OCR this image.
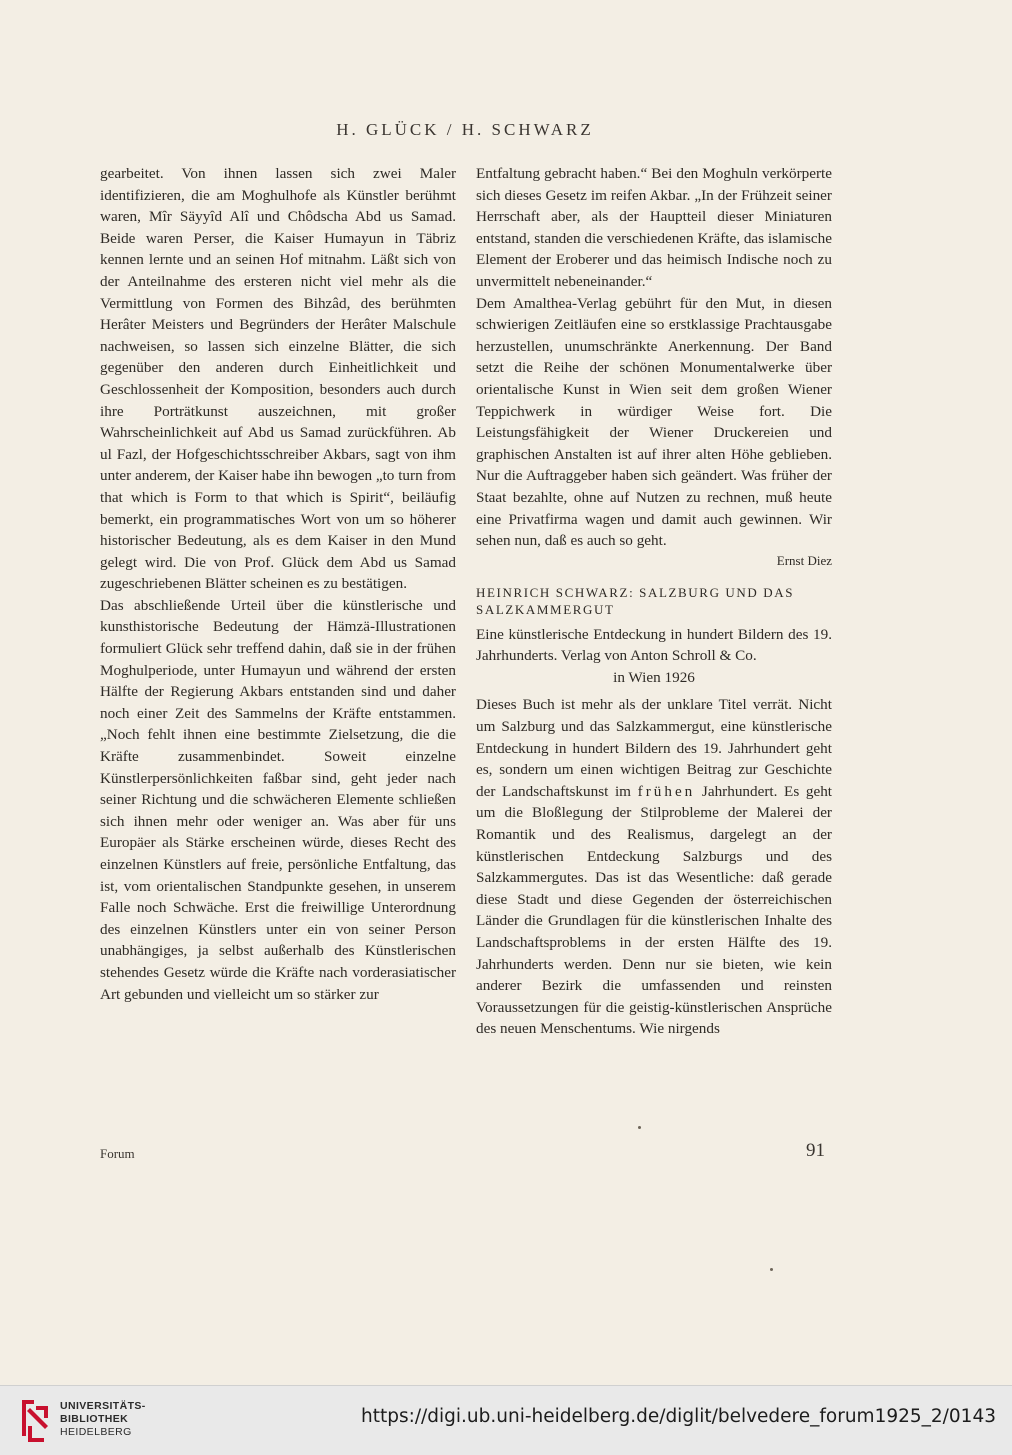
H. GLÜCK / H. SCHWARZ

gearbeitet. Von ihnen lassen sich zwei Maler identifizieren, die am Moghulhofe als Künstler berühmt waren, Mîr Säyyîd Alî und Chôdscha Abd us Samad. Beide waren Perser, die Kaiser Humayun in Täbriz kennen lernte und an seinen Hof mitnahm. Läßt sich von der Anteilnahme des ersteren nicht viel mehr als die Vermittlung von Formen des Bihzâd, des berühmten Herâter Meisters und Begründers der Herâter Malschule nachweisen, so lassen sich einzelne Blätter, die sich gegenüber den anderen durch Einheitlichkeit und Geschlossenheit der Komposition, besonders auch durch ihre Porträtkunst auszeichnen, mit großer Wahrscheinlichkeit auf Abd us Samad zurückführen. Ab ul Fazl, der Hofgeschichtsschreiber Akbars, sagt von ihm unter anderem, der Kaiser habe ihn bewogen „to turn from that which is Form to that which is Spirit“, beiläufig bemerkt, ein programmatisches Wort von um so höherer historischer Bedeutung, als es dem Kaiser in den Mund gelegt wird. Die von Prof. Glück dem Abd us Samad zugeschriebenen Blätter scheinen es zu bestätigen.

Das abschließende Urteil über die künstlerische und kunsthistorische Bedeutung der Hämzä-Illustrationen formuliert Glück sehr treffend dahin, daß sie in der frühen Moghulperiode, unter Humayun und während der ersten Hälfte der Regierung Akbars entstanden sind und daher noch einer Zeit des Sammelns der Kräfte entstammen. „Noch fehlt ihnen eine bestimmte Zielsetzung, die die Kräfte zusammenbindet. Soweit einzelne Künstlerpersönlichkeiten faßbar sind, geht jeder nach seiner Richtung und die schwächeren Elemente schließen sich ihnen mehr oder weniger an. Was aber für uns Europäer als Stärke erscheinen würde, dieses Recht des einzelnen Künstlers auf freie, persönliche Entfaltung, das ist, vom orientalischen Standpunkte gesehen, in unserem Falle noch Schwäche. Erst die freiwillige Unterordnung des einzelnen Künstlers unter ein von seiner Person unabhängiges, ja selbst außerhalb des Künstlerischen stehendes Gesetz würde die Kräfte nach vorderasiatischer Art gebunden und vielleicht um so stärker zur

Entfaltung gebracht haben.“ Bei den Moghuln verkörperte sich dieses Gesetz im reifen Akbar. „In der Frühzeit seiner Herrschaft aber, als der Hauptteil dieser Miniaturen entstand, standen die verschiedenen Kräfte, das islamische Element der Eroberer und das heimisch Indische noch zu unvermittelt nebeneinander.“

Dem Amalthea-Verlag gebührt für den Mut, in diesen schwierigen Zeitläufen eine so erstklassige Prachtausgabe herzustellen, unumschränkte Anerkennung. Der Band setzt die Reihe der schönen Monumentalwerke über orientalische Kunst in Wien seit dem großen Wiener Teppichwerk in würdiger Weise fort. Die Leistungsfähigkeit der Wiener Druckereien und graphischen Anstalten ist auf ihrer alten Höhe geblieben. Nur die Auftraggeber haben sich geändert. Was früher der Staat bezahlte, ohne auf Nutzen zu rechnen, muß heute eine Privatfirma wagen und damit auch gewinnen. Wir sehen nun, daß es auch so geht.

Ernst Diez
HEINRICH SCHWARZ: SALZBURG UND DAS SALZKAMMERGUT

Eine künstlerische Entdeckung in hundert Bildern des 19. Jahrhunderts. Verlag von Anton Schroll & Co.

in Wien 1926

Dieses Buch ist mehr als der unklare Titel verrät. Nicht um Salzburg und das Salzkammergut, eine künstlerische Entdeckung in hundert Bildern des 19. Jahrhundert geht es, sondern um einen wichtigen Beitrag zur Geschichte der Landschaftskunst im frühen Jahrhundert. Es geht um die Bloßlegung der Stilprobleme der Malerei der Romantik und des Realismus, dargelegt an der künstlerischen Entdeckung Salzburgs und des Salzkammergutes. Das ist das Wesentliche: daß gerade diese Stadt und diese Gegenden der österreichischen Länder die Grundlagen für die künstlerischen Inhalte des Landschaftsproblems in der ersten Hälfte des 19. Jahrhunderts werden. Denn nur sie bieten, wie kein anderer Bezirk die umfassenden und reinsten Voraussetzungen für die geistig-künstlerischen Ansprüche des neuen Menschentums. Wie nirgends

Forum	91
UNIVERSITÄTS-
BIBLIOTHEK
HEIDELBERG
https://digi.ub.uni-heidelberg.de/diglit/belvedere_forum1925_2/0143
